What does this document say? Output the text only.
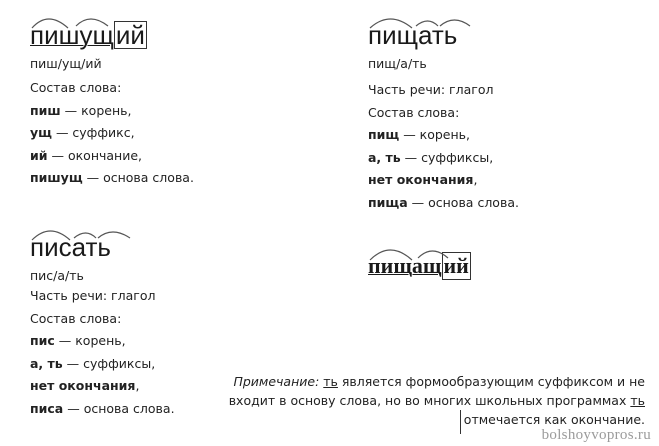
пишущий
пиш/ущ/ий
Состав слова:
пиш — корень,
ущ — суффикс,
ий — окончание,
пишущ — основа слова.
пищать
пищ/а/ть
Часть речи: глагол
Состав слова:
пищ — корень,
а, ть — суффиксы,
нет окончания,
пища — основа слова.
писать
пис/а/ть
Часть речи: глагол
Состав слова:
пис — корень,
а, ть — суффиксы,
нет окончания,
писа — основа слова.
пищащий
Примечание: ть является формообразующим суффиксом и не входит в основу слова, но во многих школьных программах ть отмечается как окончание.
bolshoyvopros.ru
